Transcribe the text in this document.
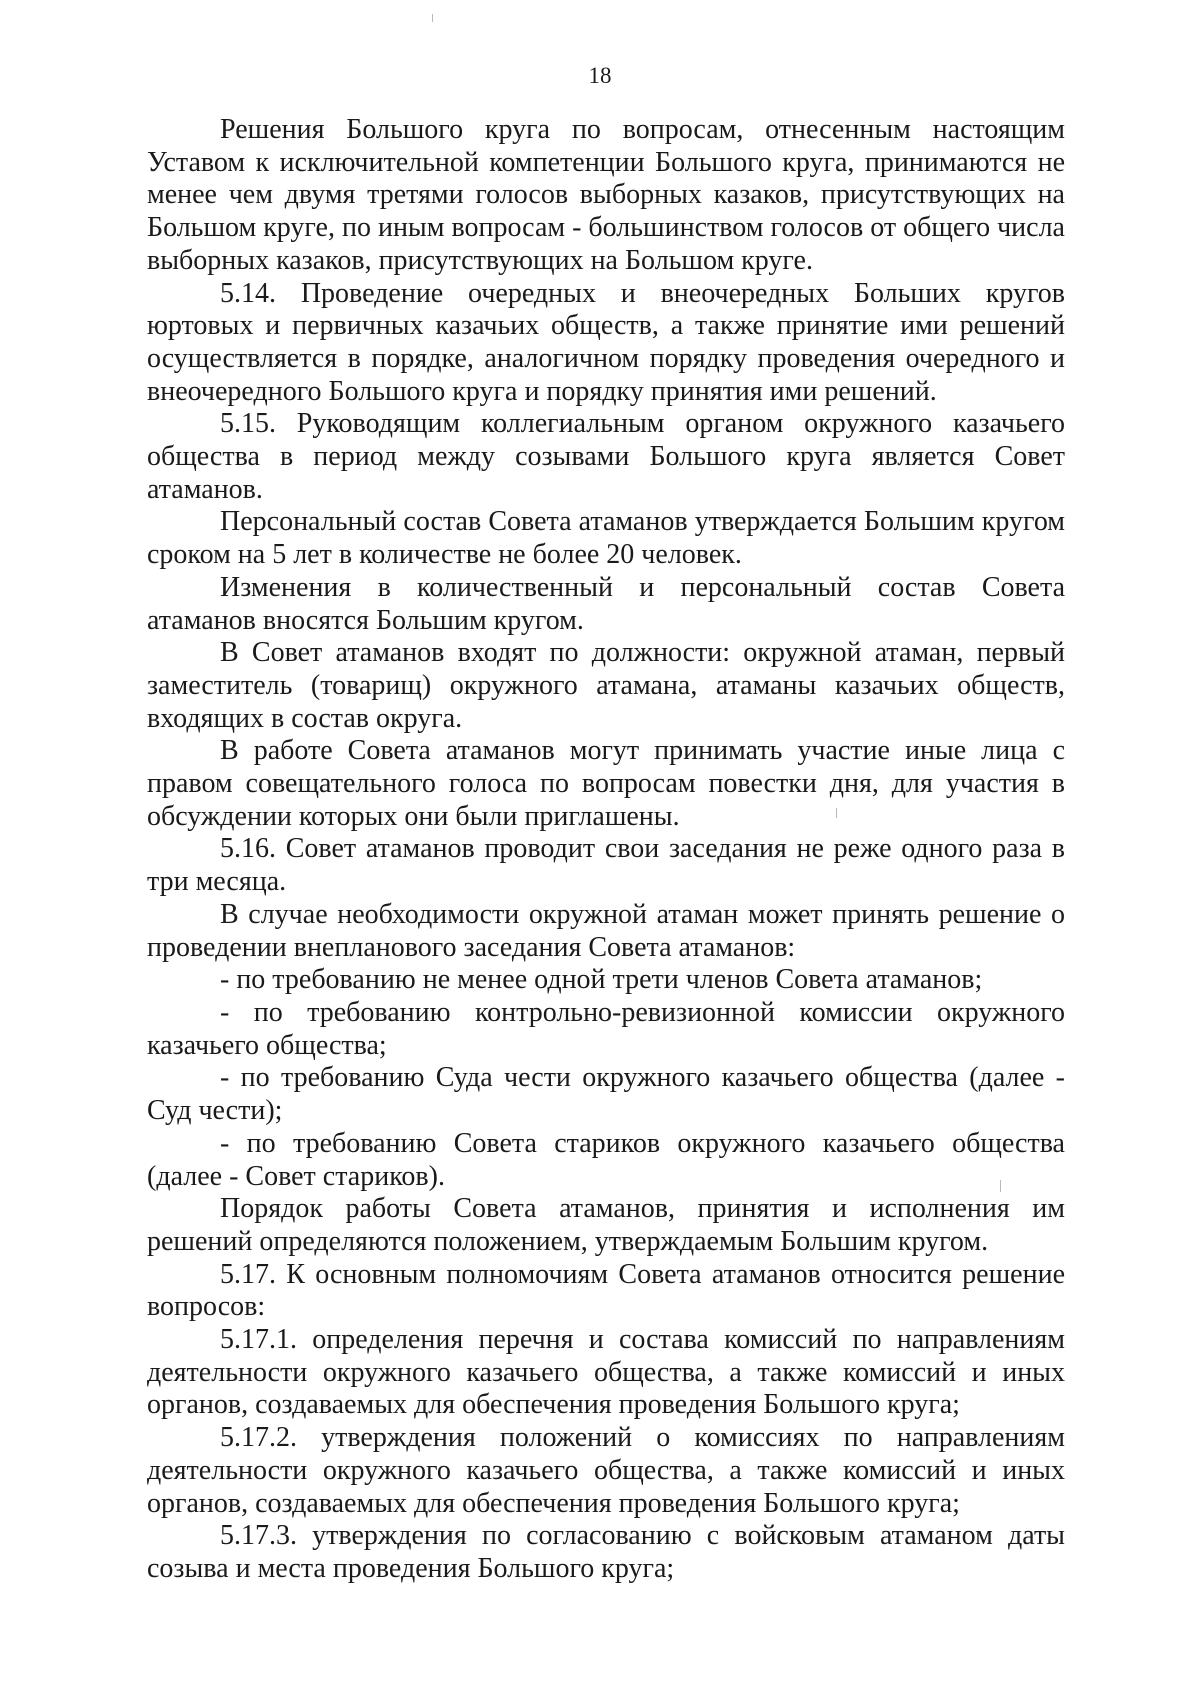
18

Решения Большого круга по вопросам, отнесенным настоящим Уставом к исключительной компетенции Большого круга, принимаются не менее чем двумя третями голосов выборных казаков, присутствующих на Большом круге, по иным вопросам - большинством голосов от общего числа выборных казаков, присутствующих на Большом круге.

5.14. Проведение очередных и внеочередных Больших кругов юртовых и первичных казачьих обществ, а также принятие ими решений осуществляется в порядке, аналогичном порядку проведения очередного и внеочередного Большого круга и порядку принятия ими решений.

5.15. Руководящим коллегиальным органом окружного казачьего общества в период между созывами Большого круга является Совет атаманов.

Персональный состав Совета атаманов утверждается Большим кругом сроком на 5 лет в количестве не более 20 человек.

Изменения в количественный и персональный состав Совета атаманов вносятся Большим кругом.

В Совет атаманов входят по должности: окружной атаман, первый заместитель (товарищ) окружного атамана, атаманы казачьих обществ, входящих в состав округа.

В работе Совета атаманов могут принимать участие иные лица с правом совещательного голоса по вопросам повестки дня, для участия в обсуждении которых они были приглашены.

5.16. Совет атаманов проводит свои заседания не реже одного раза в три месяца.

В случае необходимости окружной атаман может принять решение о проведении внепланового заседания Совета атаманов:

- по требованию не менее одной трети членов Совета атаманов;

- по требованию контрольно-ревизионной комиссии окружного казачьего общества;

- по требованию Суда чести окружного казачьего общества (далее - Суд чести);

- по требованию Совета стариков окружного казачьего общества (далее - Совет стариков).

Порядок работы Совета атаманов, принятия и исполнения им решений определяются положением, утверждаемым Большим кругом.

5.17. К основным полномочиям Совета атаманов относится решение вопросов:

5.17.1. определения перечня и состава комиссий по направлениям деятельности окружного казачьего общества, а также комиссий и иных органов, создаваемых для обеспечения проведения Большого круга;

5.17.2. утверждения положений о комиссиях по направлениям деятельности окружного казачьего общества, а также комиссий и иных органов, создаваемых для обеспечения проведения Большого круга;

5.17.3. утверждения по согласованию с войсковым атаманом даты созыва и места проведения Большого круга;
